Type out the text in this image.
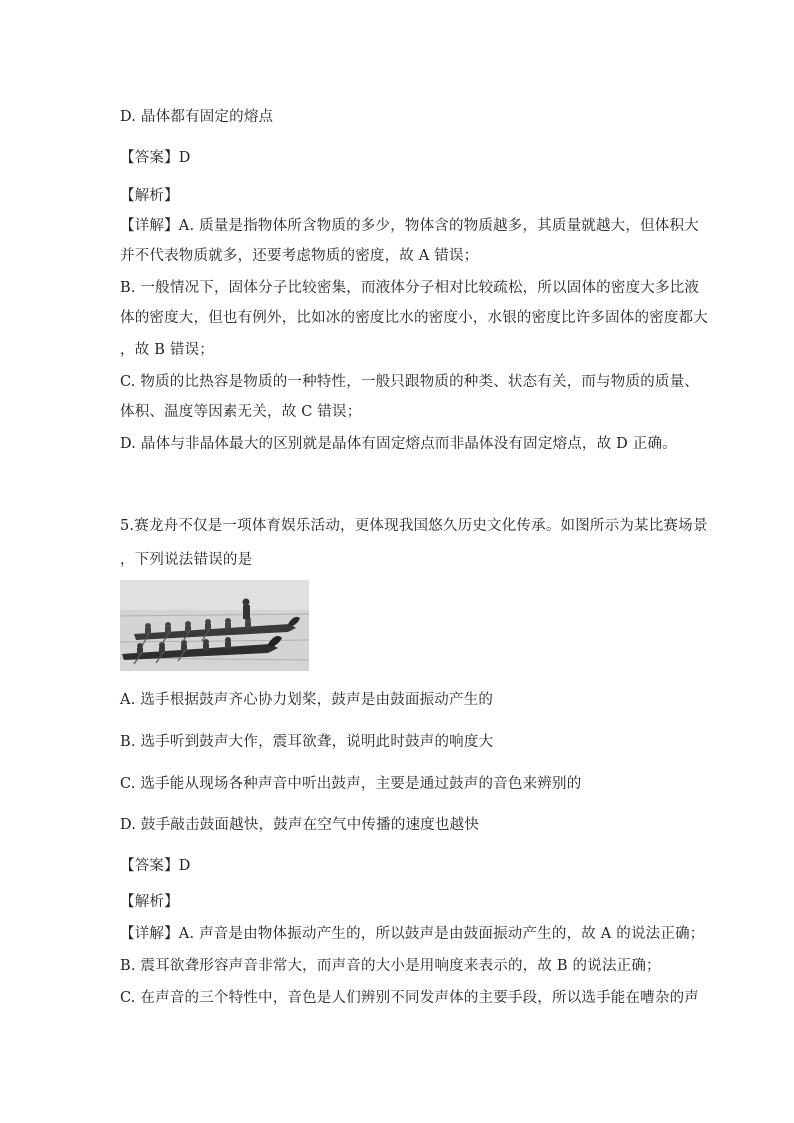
D. 晶体都有固定的熔点
【答案】D
【解析】
【详解】A. 质量是指物体所含物质的多少，物体含的物质越多，其质量就越大，但体积大
并不代表物质就多，还要考虑物质的密度，故 A 错误；
B. 一般情况下，固体分子比较密集，而液体分子相对比较疏松，所以固体的密度大多比液
体的密度大，但也有例外，比如冰的密度比水的密度小，水银的密度比许多固体的密度都大
，故 B 错误；
C. 物质的比热容是物质的一种特性，一般只跟物质的种类、状态有关，而与物质的质量、
体积、温度等因素无关，故 C 错误；
D. 晶体与非晶体最大的区别就是晶体有固定熔点而非晶体没有固定熔点，故 D 正确。
5.赛龙舟不仅是一项体育娱乐活动，更体现我国悠久历史文化传承。如图所示为某比赛场景
，下列说法错误的是
A. 选手根据鼓声齐心协力划桨，鼓声是由鼓面振动产生的
B. 选手听到鼓声大作，震耳欲聋，说明此时鼓声的响度大
C. 选手能从现场各种声音中听出鼓声，主要是通过鼓声的音色来辨别的
D. 鼓手敲击鼓面越快，鼓声在空气中传播的速度也越快
【答案】D
【解析】
【详解】A. 声音是由物体振动产生的，所以鼓声是由鼓面振动产生的，故 A 的说法正确；
B. 震耳欲聋形容声音非常大，而声音的大小是用响度来表示的，故 B 的说法正确；
C. 在声音的三个特性中，音色是人们辨别不同发声体的主要手段，所以选手能在嘈杂的声
